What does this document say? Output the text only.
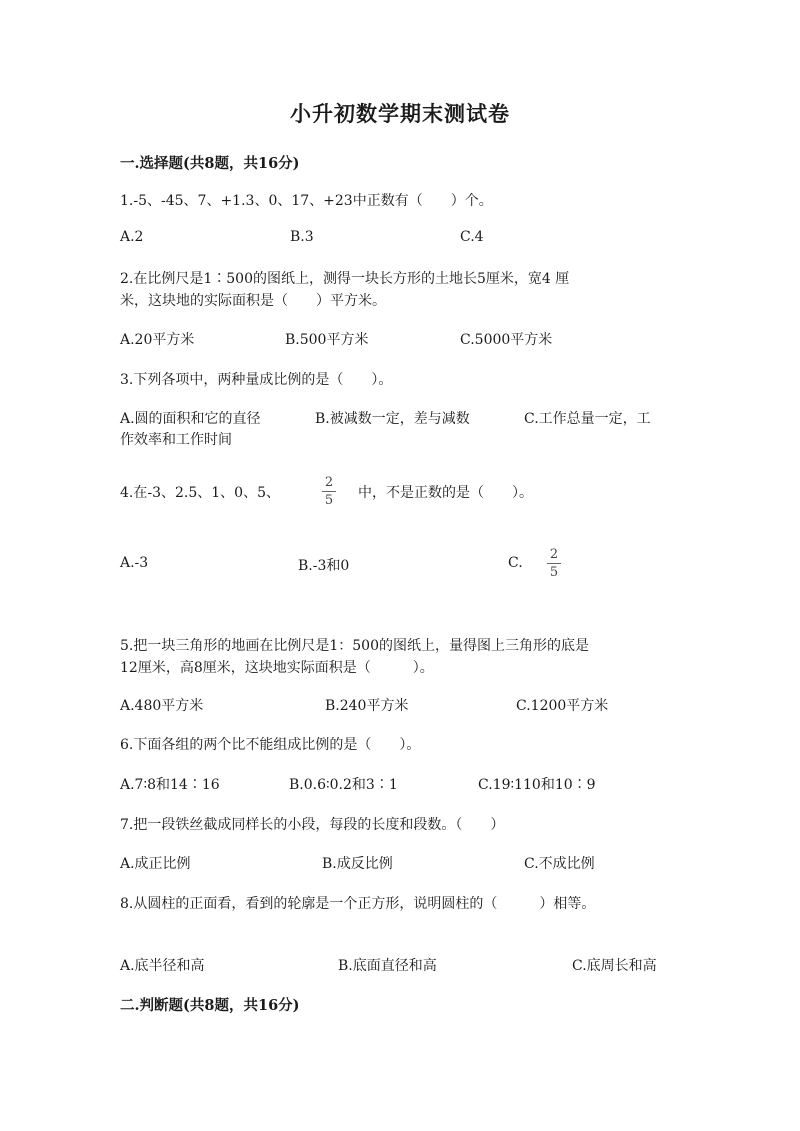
小升初数学期末测试卷
一.选择题(共8题，共16分)
1.-5、-45、7、+1.3、0、17、+23中正数有（　　）个。
A.2	B.3	C.4
2.在比例尺是1∶500的图纸上，测得一块长方形的土地长5厘米，宽4 厘
米，这块地的实际面积是（　　）平方米。
A.20平方米	B.500平方米	C.5000平方米
3.下列各项中，两种量成比例的是（　　）。
A.圆的面积和它的直径	B.被减数一定，差与减数	C.工作总量一定，工
作效率和工作时间
4.在-3、2.5、1、0、5、
2
5 中，不是正数的是（　　）。
A.-3	B.-3和0	C.
2
5
5.把一块三角形的地画在比例尺是1：500的图纸上，量得图上三角形的底是
12厘米，高8厘米，这块地实际面积是（　　　）。
A.480平方米	B.240平方米	C.1200平方米
6.下面各组的两个比不能组成比例的是（　　）。
A.7∶8和14∶16	B.0.6∶0.2和3∶1	C.19∶110和10∶9
7.把一段铁丝截成同样长的小段，每段的长度和段数。（　　）
A.成正比例	B.成反比例	C.不成比例
8.从圆柱的正面看，看到的轮廓是一个正方形，说明圆柱的（　　　）相等。
A.底半径和高	B.底面直径和高	C.底周长和高
二.判断题(共8题，共16分)
